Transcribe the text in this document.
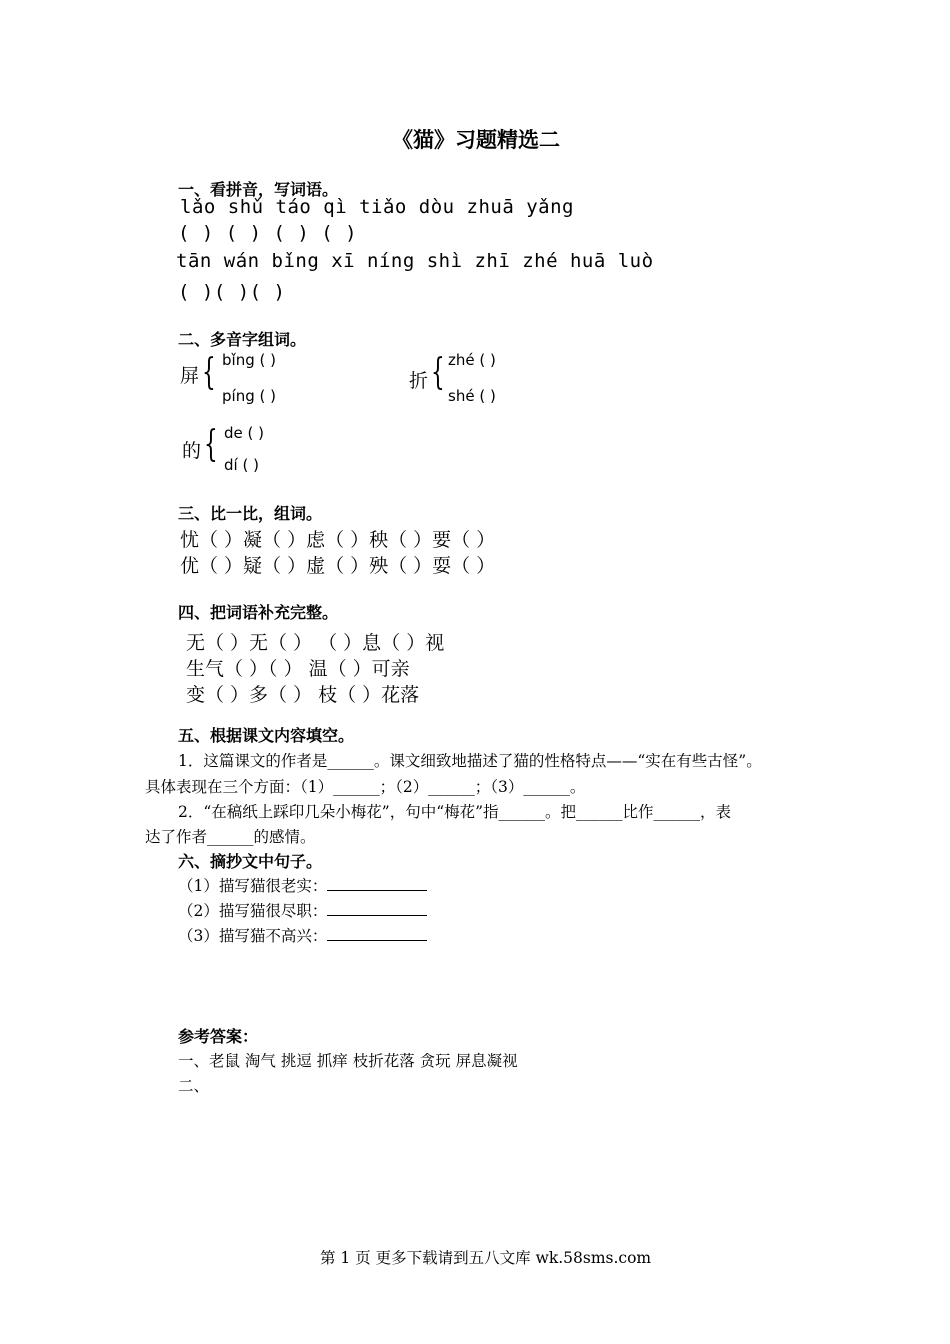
《猫》习题精选二
一、看拼音，写词语。
lǎo shǔ táo qì tiǎo dòu zhuā yǎng
( ) ( ) ( ) ( )
tān wán bǐng xī níng shì zhī zhé huā luò
( )( )( )
二、多音字组词。
屏 { bǐng ( )
píng ( )
折 { zhé ( )
shé ( )
的 { de ( )
dí ( )
三、比一比，组词。
忧（ ）凝（ ）虑（ ）秧（ ）要（ ）
优（ ）疑（ ）虚（ ）殃（ ）耍（ ）
四、把词语补充完整。
无（ ）无（ ） （ ）息（ ）视
生气（ ）（ ） 温（ ）可亲
变（ ）多（ ） 枝（ ）花落
五、根据课文内容填空。
1．这篇课文的作者是______。课文细致地描述了猫的性格特点——“实在有些古怪”。
具体表现在三个方面：（1）______；（2）______；（3）______。
2．“在稿纸上踩印几朵小梅花”，句中“梅花”指______。把______比作______，表
达了作者______的感情。
六、摘抄文中句子。
（1）描写猫很老实：
（2）描写猫很尽职：
（3）描写猫不高兴：
参考答案：
一、老鼠 淘气 挑逗 抓痒 枝折花落 贪玩 屏息凝视
二、
第 1 页 更多下载请到五八文库 wk.58sms.com
